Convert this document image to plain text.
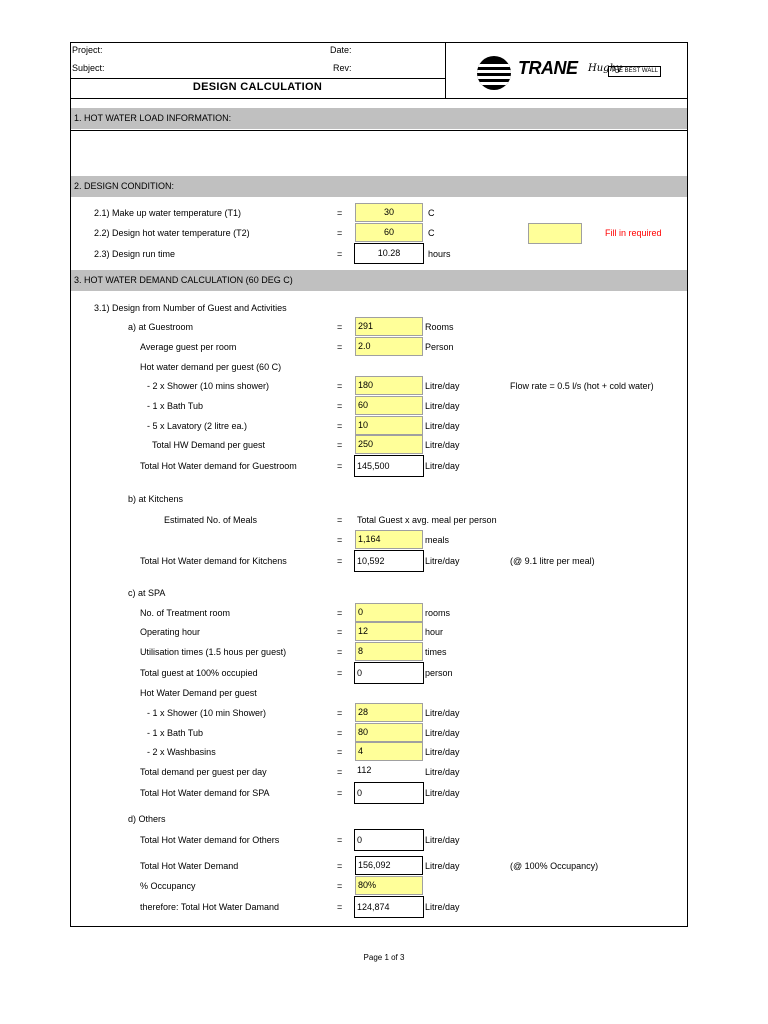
Project:
Subject:
Date:
Rev:
DESIGN CALCULATION
TRANE Hughy
THE BEST WALL
1. HOT WATER LOAD INFORMATION:
2. DESIGN CONDITION:
2.1) Make up water temperature (T1)	=	30	C
2.2) Design hot water temperature (T2)	=	60	C
2.3) Design run time	=	10.28	hours
Fill in required
3. HOT WATER DEMAND CALCULATION (60 DEG C)
3.1) Design from Number of Guest and Activities
a) at Guestroom	=	291	Rooms
Average guest per room	=	2.0	Person
Hot water demand per guest (60 C)
- 2 x Shower (10 mins shower)	=	180	Litre/day	Flow rate = 0.5 l/s (hot + cold water)
- 1 x Bath Tub	=	60	Litre/day
- 5 x Lavatory (2 litre ea.)	=	10	Litre/day
Total HW Demand per guest	=	250	Litre/day
Total Hot Water demand for Guestroom	=	145,500	Litre/day
b) at Kitchens
Estimated No. of Meals	= Total Guest x avg. meal per person
=	1,164	meals
Total Hot Water demand for Kitchens	=	10,592	Litre/day	(@ 9.1 litre per meal)
c) at SPA
No. of Treatment room	=	0	rooms
Operating hour	=	12	hour
Utilisation times (1.5 hous per guest)	=	8	times
Total guest at 100% occupied	=	0	person
Hot Water Demand per guest
- 1 x Shower (10 min Shower)	=	28	Litre/day
- 1 x Bath Tub	=	80	Litre/day
- 2 x Washbasins	=	4	Litre/day
Total demand per guest per day	= 112	Litre/day
Total Hot Water demand for SPA	=	0	Litre/day
d) Others
Total Hot Water demand for Others	=	0	Litre/day
Total Hot Water Demand	=	156,092	Litre/day	(@ 100% Occupancy)
% Occupancy	=	80%
therefore: Total Hot Water Damand	=	124,874	Litre/day
Page 1 of 3
